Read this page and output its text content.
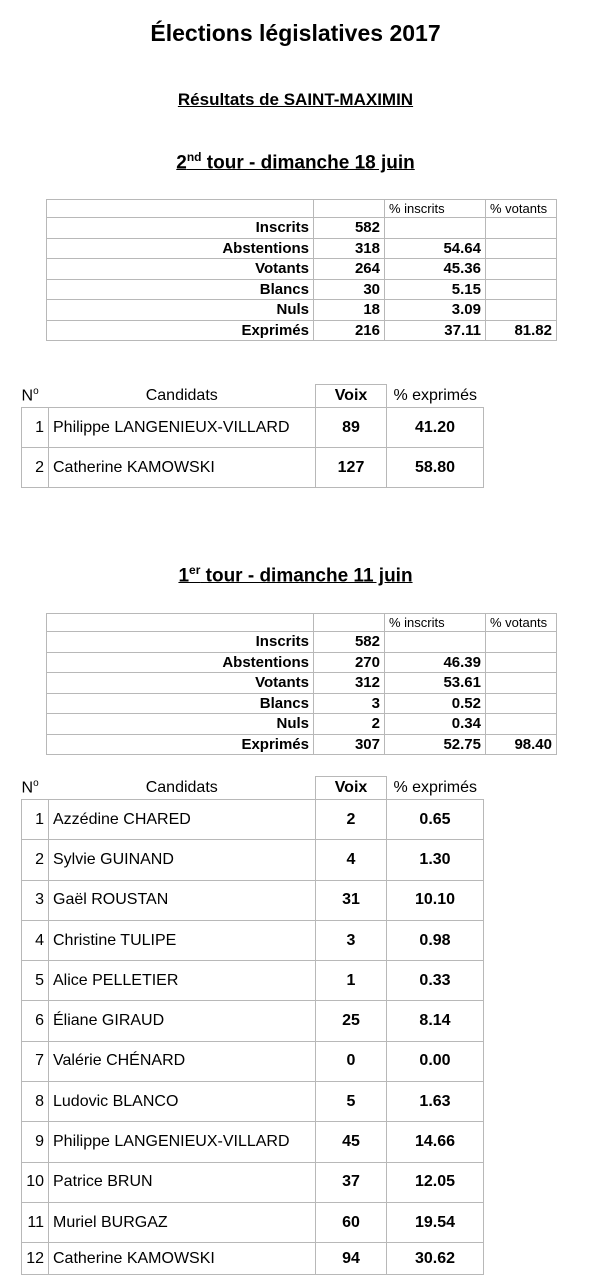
Élections législatives 2017
Résultats de SAINT-MAXIMIN
2nd tour - dimanche 18 juin
		% inscrits	% votants
Inscrits	582		
Abstentions	318	54.64	
Votants	264	45.36	
Blancs	30	5.15	
Nuls	18	3.09	
Exprimés	216	37.11	81.82
$N^o$	Candidats	Voix	% exprimés
1	Philippe LANGENIEUX-VILLARD	89	41.20
2	Catherine KAMOWSKI	127	58.80
1er tour - dimanche 11 juin
		% inscrits	% votants
Inscrits	582		
Abstentions	270	46.39	
Votants	312	53.61	
Blancs	3	0.52	
Nuls	2	0.34	
Exprimés	307	52.75	98.40
$N^o$	Candidats	Voix	% exprimés
1	Azzédine CHARED	2	0.65
2	Sylvie GUINAND	4	1.30
3	Gaël ROUSTAN	31	10.10
4	Christine TULIPE	3	0.98
5	Alice PELLETIER	1	0.33
6	Éliane GIRAUD	25	8.14
7	Valérie CHÉNARD	0	0.00
8	Ludovic BLANCO	5	1.63
9	Philippe LANGENIEUX-VILLARD	45	14.66
10	Patrice BRUN	37	12.05
11	Muriel BURGAZ	60	19.54
12	Catherine KAMOWSKI	94	30.62
